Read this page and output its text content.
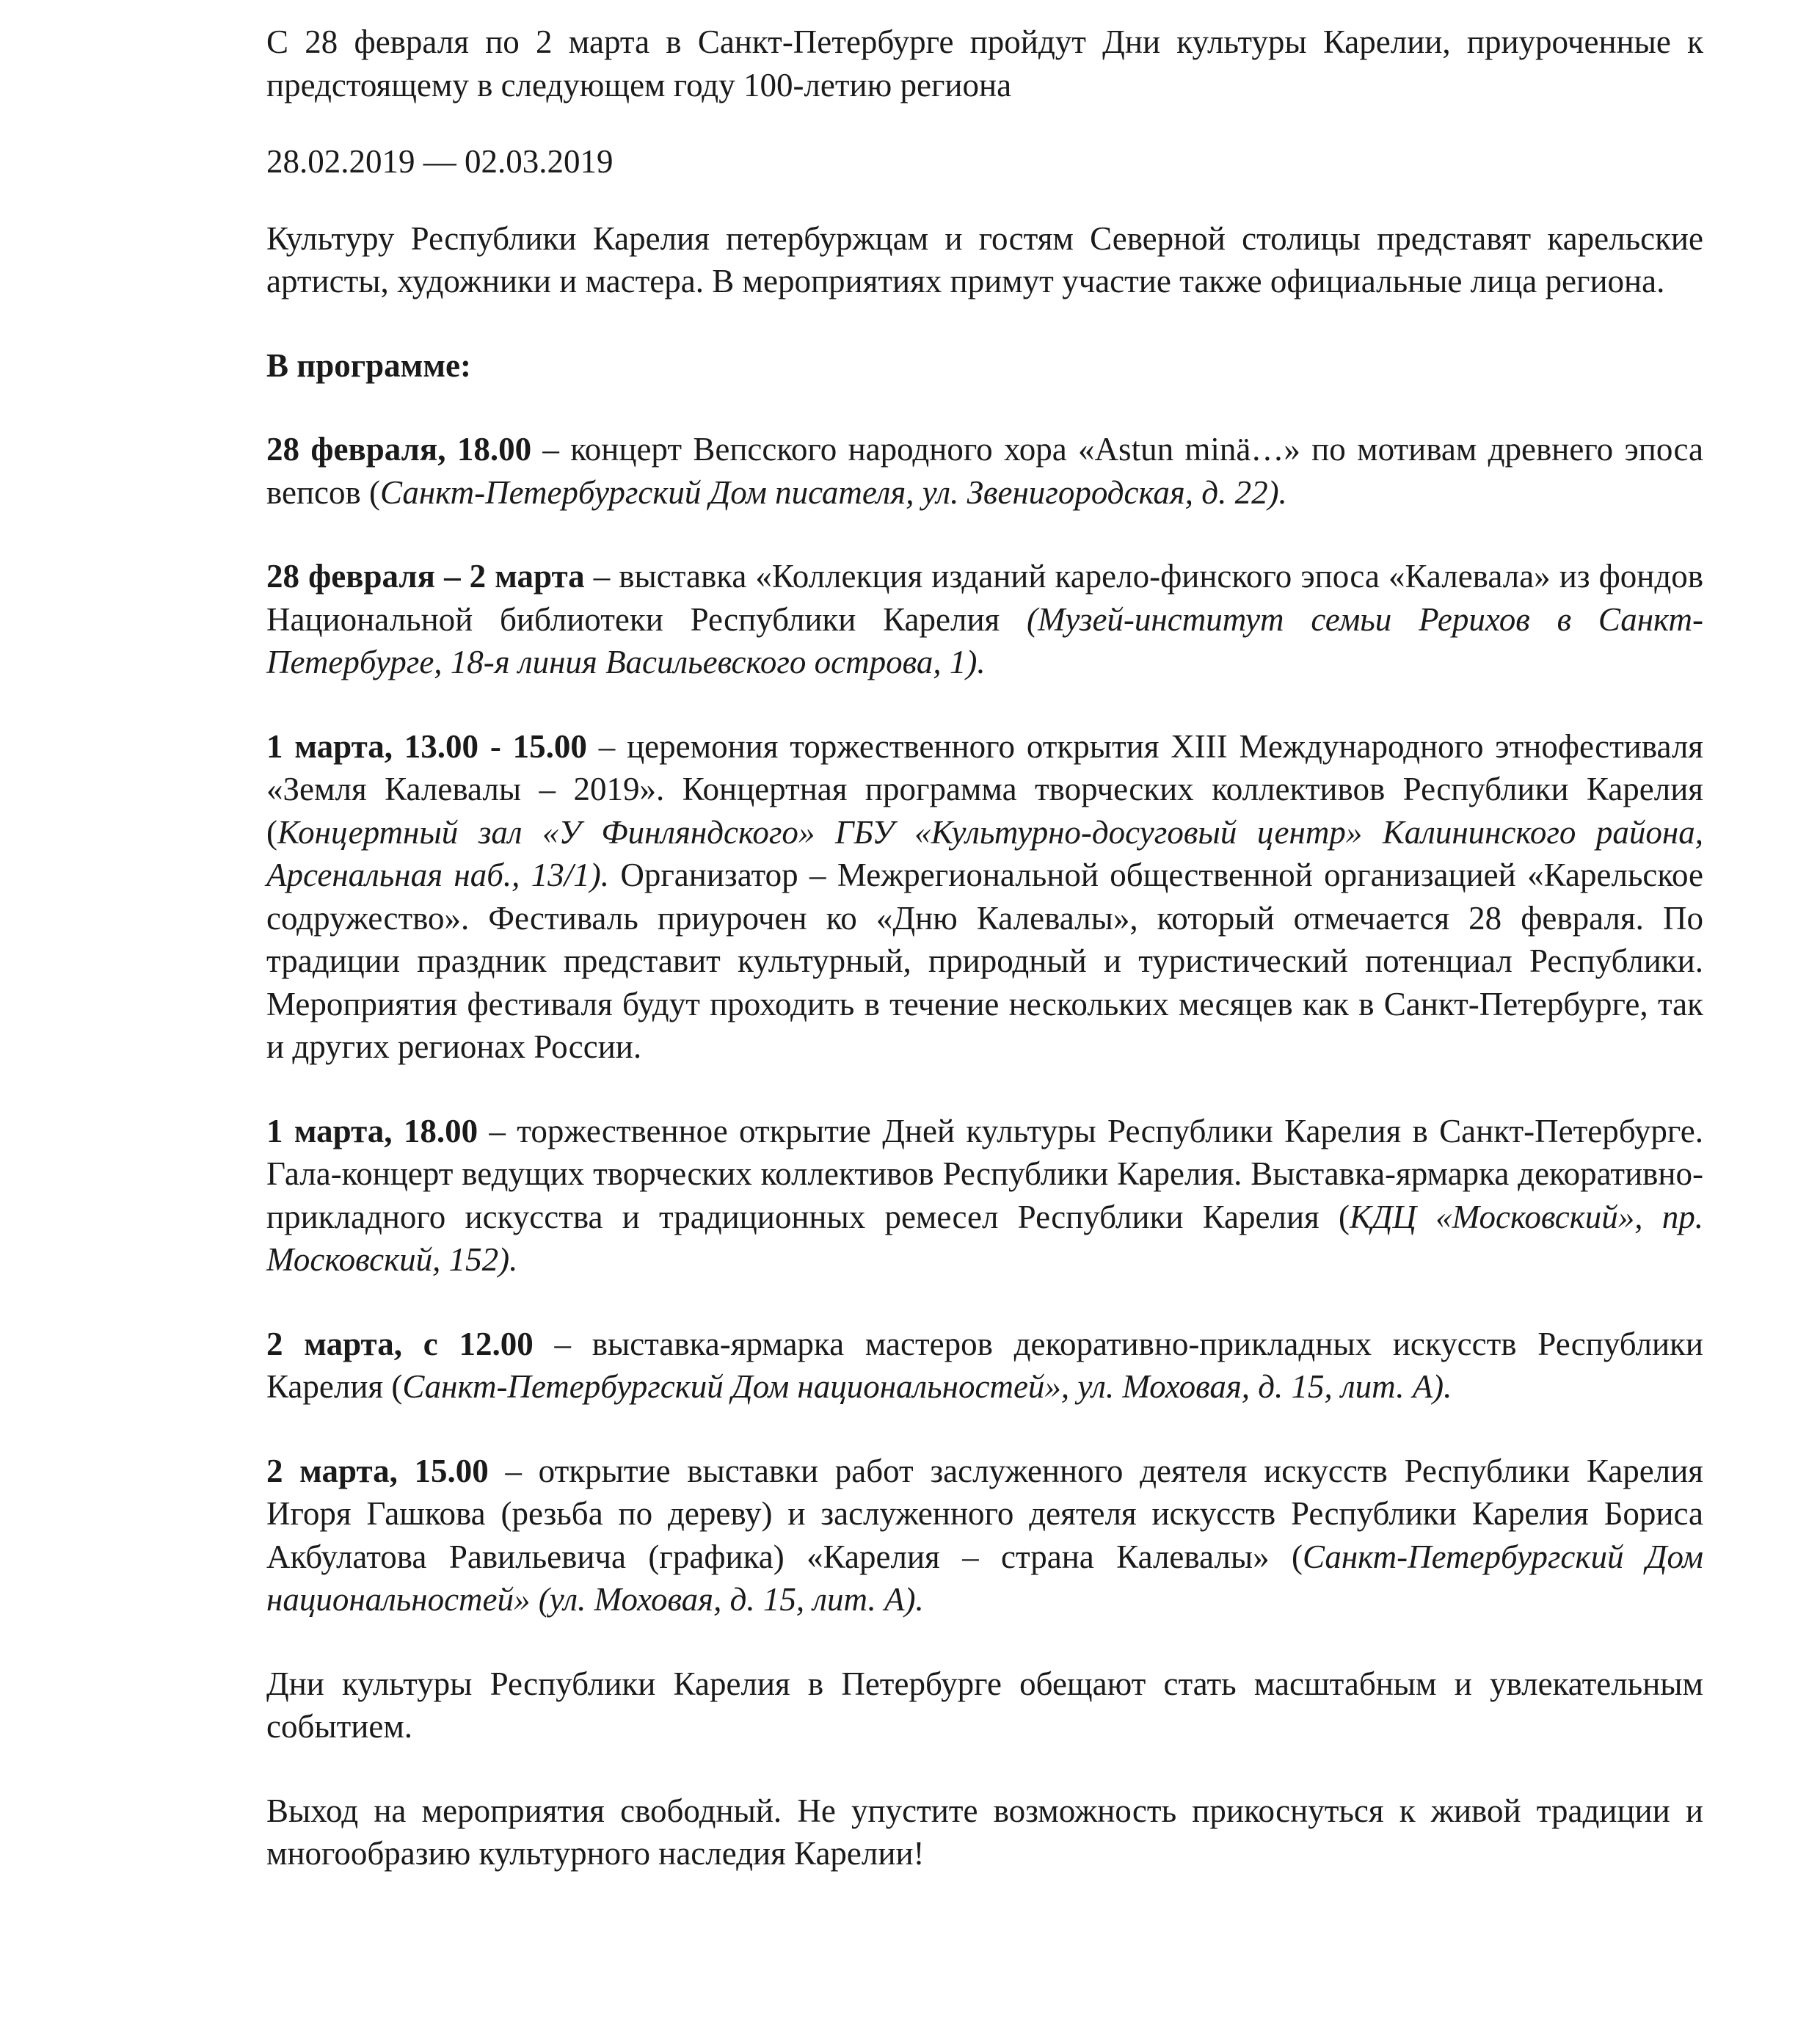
С 28 февраля по 2 марта в Санкт-Петербурге пройдут Дни культуры Карелии, приуроченные к предстоящему в следующем году 100-летию региона

28.02.2019 — 02.03.2019

Культуру Республики Карелия петербуржцам и гостям Северной столицы представят карельские артисты, художники и мастера. В мероприятиях примут участие также официальные лица региона.

В программе:

28 февраля, 18.00 – концерт Вепсского народного хора «Astun minä…» по мотивам древнего эпоса вепсов (Санкт-Петербургский Дом писателя, ул. Звенигородская, д. 22).

28 февраля – 2 марта – выставка «Коллекция изданий карело-финского эпоса «Калевала» из фондов Национальной библиотеки Республики Карелия (Музей-институт семьи Рерихов в Санкт-Петербурге, 18-я линия Васильевского острова, 1).

1 марта, 13.00 - 15.00 – церемония торжественного открытия XIII Международного этнофестиваля «Земля Калевалы – 2019». Концертная программа творческих коллективов Республики Карелия (Концертный зал «У Финляндского» ГБУ «Культурно-досуговый центр» Калининского района, Арсенальная наб., 13/1). Организатор – Межрегиональной общественной организацией «Карельское содружество». Фестиваль приурочен ко «Дню Калевалы», который отмечается 28 февраля. По традиции праздник представит культурный, природный и туристический потенциал Республики. Мероприятия фестиваля будут проходить в течение нескольких месяцев как в Санкт-Петербурге, так и других регионах России.

1 марта, 18.00 – торжественное открытие Дней культуры Республики Карелия в Санкт-Петербурге. Гала-концерт ведущих творческих коллективов Республики Карелия. Выставка-ярмарка декоративно-прикладного искусства и традиционных ремесел Республики Карелия (КДЦ «Московский», пр. Московский, 152).

2 марта, с 12.00 – выставка-ярмарка мастеров декоративно-прикладных искусств Республики Карелия (Санкт-Петербургский Дом национальностей», ул. Моховая, д. 15, лит. А).

2 марта, 15.00 – открытие выставки работ заслуженного деятеля искусств Республики Карелия Игоря Гашкова (резьба по дереву) и заслуженного деятеля искусств Республики Карелия Бориса Акбулатова Равильевича (графика) «Карелия – страна Калевалы» (Санкт-Петербургский Дом национальностей» (ул. Моховая, д. 15, лит. А).

Дни культуры Республики Карелия в Петербурге обещают стать масштабным и увлекательным событием.

Выход на мероприятия свободный. Не упустите возможность прикоснуться к живой традиции и многообразию культурного наследия Карелии!
